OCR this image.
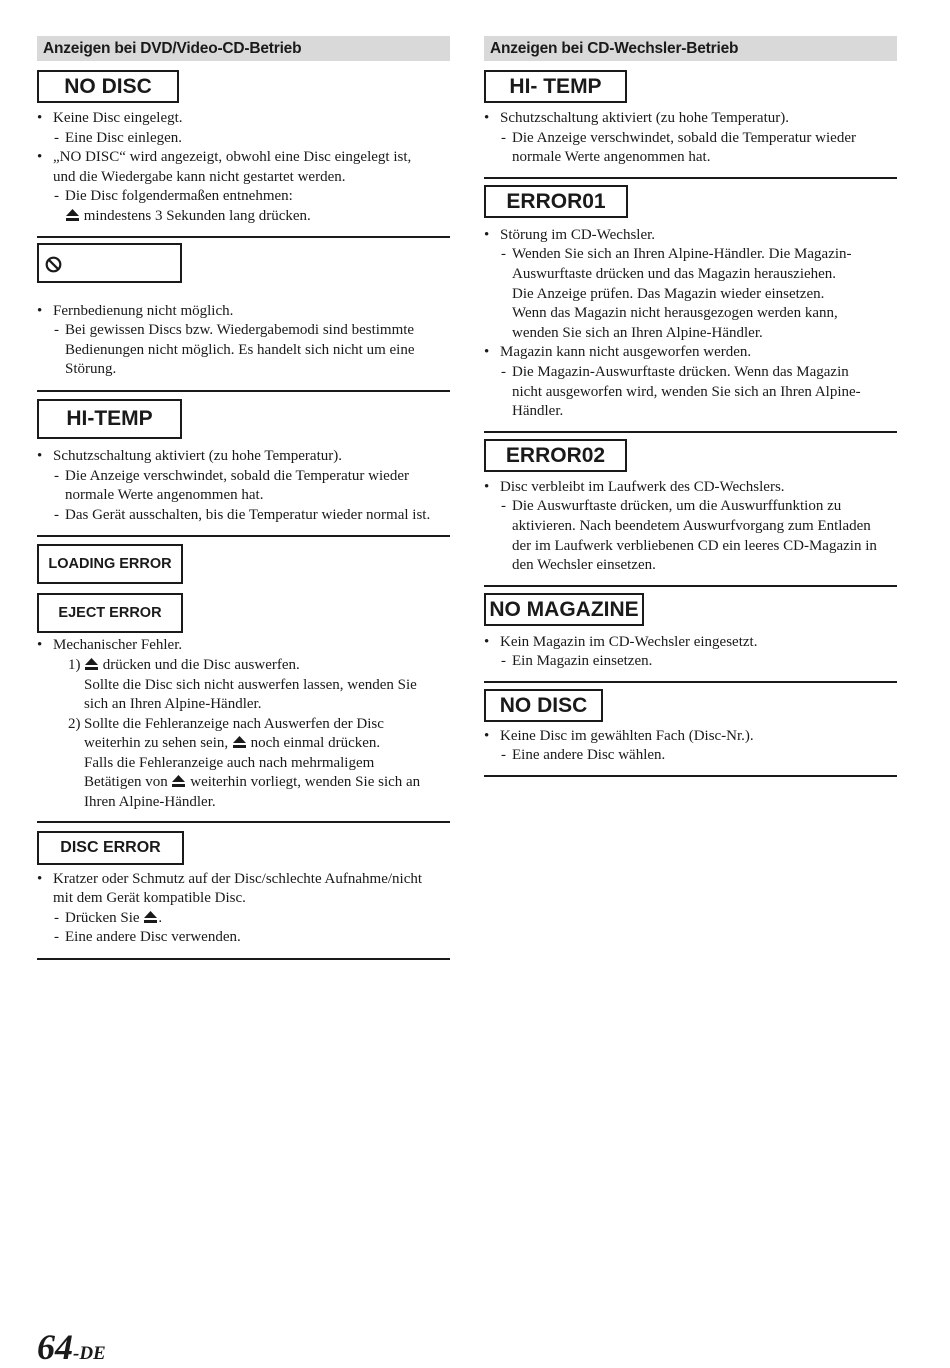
Anzeigen bei DVD/Video-CD-Betrieb
NO DISC
• Keine Disc eingelegt.
- Eine Disc einlegen.
• „NO DISC“ wird angezeigt, obwohl eine Disc eingelegt ist,
und die Wiedergabe kann nicht gestartet werden.
- Die Disc folgendermaßen entnehmen:
mindestens 3 Sekunden lang drücken.
• Fernbedienung nicht möglich.
- Bei gewissen Discs bzw. Wiedergabemodi sind bestimmte
Bedienungen nicht möglich. Es handelt sich nicht um eine
Störung.
HI-TEMP
• Schutzschaltung aktiviert (zu hohe Temperatur).
- Die Anzeige verschwindet, sobald die Temperatur wieder
normale Werte angenommen hat.
- Das Gerät ausschalten, bis die Temperatur wieder normal ist.
LOADING ERROR
EJECT ERROR
• Mechanischer Fehler.
1) drücken und die Disc auswerfen.
Sollte die Disc sich nicht auswerfen lassen, wenden Sie
sich an Ihren Alpine-Händler.
2) Sollte die Fehleranzeige nach Auswerfen der Disc
weiterhin zu sehen sein, noch einmal drücken.
Falls die Fehleranzeige auch nach mehrmaligem
Betätigen von weiterhin vorliegt, wenden Sie sich an
Ihren Alpine-Händler.
DISC ERROR
• Kratzer oder Schmutz auf der Disc/schlechte Aufnahme/nicht
mit dem Gerät kompatible Disc.
- Drücken Sie .
- Eine andere Disc verwenden.
Anzeigen bei CD-Wechsler-Betrieb
HI- TEMP
• Schutzschaltung aktiviert (zu hohe Temperatur).
- Die Anzeige verschwindet, sobald die Temperatur wieder
normale Werte angenommen hat.
ERROR01
• Störung im CD-Wechsler.
- Wenden Sie sich an Ihren Alpine-Händler. Die Magazin-
Auswurftaste drücken und das Magazin herausziehen.
Die Anzeige prüfen. Das Magazin wieder einsetzen.
Wenn das Magazin nicht herausgezogen werden kann,
wenden Sie sich an Ihren Alpine-Händler.
• Magazin kann nicht ausgeworfen werden.
- Die Magazin-Auswurftaste drücken. Wenn das Magazin
nicht ausgeworfen wird, wenden Sie sich an Ihren Alpine-
Händler.
ERROR02
• Disc verbleibt im Laufwerk des CD-Wechslers.
- Die Auswurftaste drücken, um die Auswurffunktion zu
aktivieren. Nach beendetem Auswurfvorgang zum Entladen
der im Laufwerk verbliebenen CD ein leeres CD-Magazin in
den Wechsler einsetzen.
NO MAGAZINE
• Kein Magazin im CD-Wechsler eingesetzt.
- Ein Magazin einsetzen.
NO DISC
• Keine Disc im gewählten Fach (Disc-Nr.).
- Eine andere Disc wählen.
64-DE
